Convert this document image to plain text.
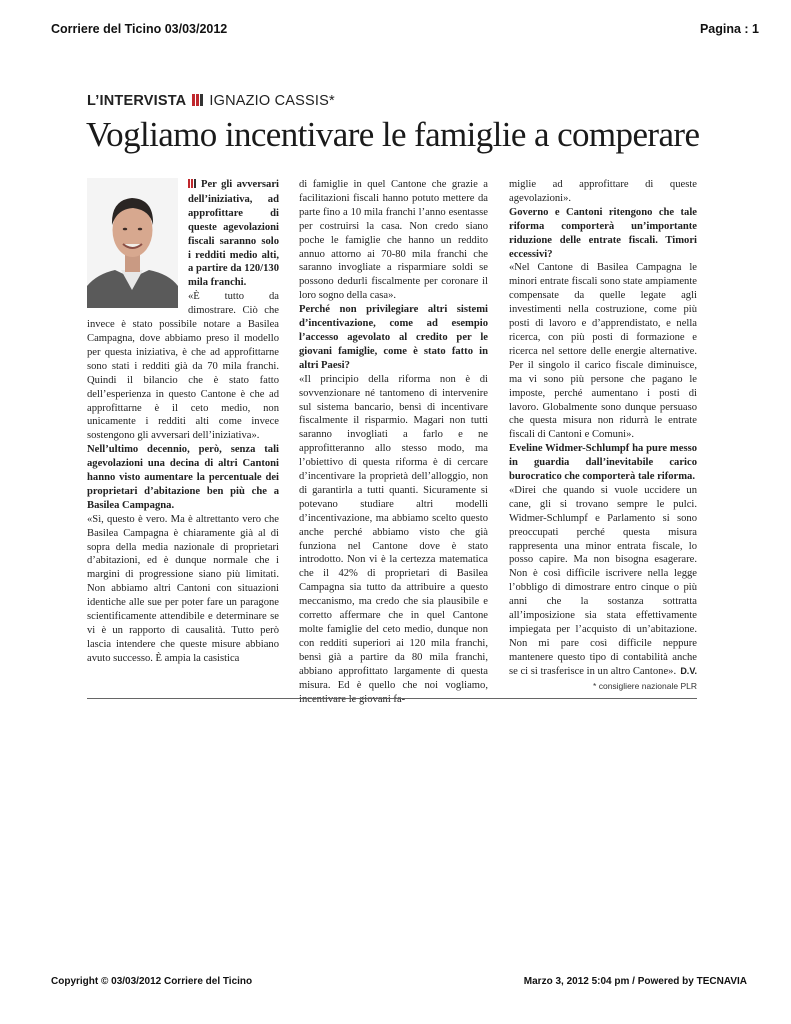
Corriere del Ticino 03/03/2012	Pagina : 1
L’INTERVISTA IGNAZIO CASSIS*
Vogliamo incentivare le famiglie a comperare

Per gli avversari dell’iniziativa, ad approfittare di queste agevolazioni fiscali saranno solo i redditi medio alti, a partire da 120/130 mila franchi.

«È tutto da dimostrare. Ciò che invece è stato possibile notare a Basilea Campagna, dove abbiamo preso il modello per questa iniziativa, è che ad approfittarne sono stati i redditi già da 70 mila franchi. Quindi il bilancio che è stato fatto dell’esperienza in questo Cantone è che ad approfittarne è il ceto medio, non unicamente i redditi alti come invece sostengono gli avversari dell’iniziativa».

Nell’ultimo decennio, però, senza tali agevolazioni una decina di altri Cantoni hanno visto aumentare la percentuale dei proprietari d’abitazione ben più che a Basilea Campagna.

«Sì, questo è vero. Ma è altrettanto vero che Basilea Campagna è chiaramente già al di sopra della media nazionale di proprietari d’abitazioni, ed è dunque normale che i margini di progressione siano più limitati. Non abbiamo altri Cantoni con situazioni identiche alle sue per poter fare un paragone scientificamente attendibile e determinare se vi è un rapporto di causalità. Tutto però lascia intendere che queste misure abbiano avuto successo. È ampia la casistica

di famiglie in quel Cantone che grazie a facilitazioni fiscali hanno potuto mettere da parte fino a 10 mila franchi l’anno esentasse per costruirsi la casa. Non credo siano poche le famiglie che hanno un reddito annuo attorno ai 70-80 mila franchi che saranno invogliate a risparmiare soldi se possono dedurli fiscalmente per coronare il loro sogno della casa».

Perché non privilegiare altri sistemi d’incentivazione, come ad esempio l’accesso agevolato al credito per le giovani famiglie, come è stato fatto in altri Paesi?

«Il principio della riforma non è di sovvenzionare né tantomeno di intervenire sul sistema bancario, bensì di incentivare fiscalmente il risparmio. Magari non tutti saranno invogliati a farlo e ne approfitteranno allo stesso modo, ma l’obiettivo di questa riforma è di cercare d’incentivare la proprietà dell’alloggio, non di garantirla a tutti quanti. Sicuramente si potevano studiare altri modelli d’incentivazione, ma abbiamo scelto questo anche perché abbiamo visto che già funziona nel Cantone dove è stato introdotto. Non vi è la certezza matematica che il 42% di proprietari di Basilea Campagna sia tutto da attribuire a questo meccanismo, ma credo che sia plausibile e corretto affermare che in quel Cantone molte famiglie del ceto medio, dunque non con redditi superiori ai 120 mila franchi, bensì già a partire da 80 mila franchi, abbiano approfittato largamente di questa misura. Ed è quello che noi vogliamo, incentivare le giovani fa-

miglie ad approfittare di queste agevolazioni».

Governo e Cantoni ritengono che tale riforma comporterà un’importante riduzione delle entrate fiscali. Timori eccessivi?

«Nel Cantone di Basilea Campagna le minori entrate fiscali sono state ampiamente compensate da quelle legate agli investimenti nella costruzione, come più posti di lavoro e d’apprendistato, e nella ricerca, con più posti di formazione e ricerca nel settore delle energie alternative. Per il singolo il carico fiscale diminuisce, ma vi sono più persone che pagano le imposte, perché aumentano i posti di lavoro. Globalmente sono dunque persuaso che questa misura non ridurrà le entrate fiscali di Cantoni e Comuni».

Eveline Widmer-Schlumpf ha pure messo in guardia dall’inevitabile carico burocratico che comporterà tale riforma.

«Direi che quando si vuole uccidere un cane, gli si trovano sempre le pulci. Widmer-Schlumpf e Parlamento si sono preoccupati perché questa misura rappresenta una minor entrata fiscale, lo posso capire. Ma non bisogna esagerare. Non è così difficile iscrivere nella legge l’obbligo di dimostrare entro cinque o più anni che la sostanza sottratta all’imposizione sia stata effettivamente impiegata per l’acquisto di un’abitazione. Non mi pare così difficile neppure mantenere questo tipo di contabilità anche se ci si trasferisce in un altro Cantone». D.V.

* consigliere nazionale PLR
Copyright © 03/03/2012 Corriere del Ticino	Marzo 3, 2012 5:04 pm / Powered by TECNAVIA
